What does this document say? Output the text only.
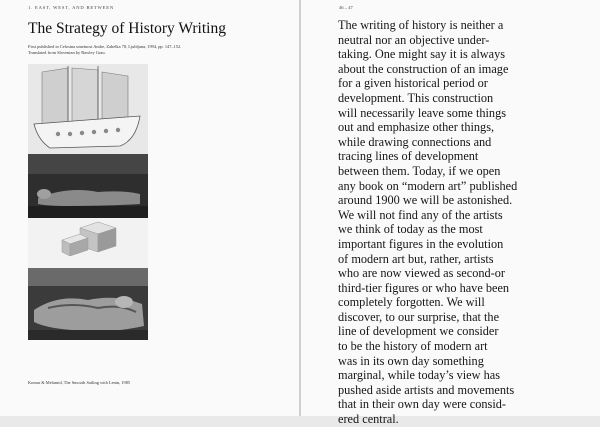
1. EAST, WEST, AND BETWEEN
The Strategy of History Writing
First published in Celostna umetnost Andre, Zabelka 78, Ljubljana, 1994, pp. 147–152.
Translated from Slovenian by Rawley Grau.
Komar & Melamid, The Smooth Sailing with Lenin, 1985
46 – 47
The writing of history is neither a
neutral nor an objective under-
taking. One might say it is always
about the construction of an image
for a given historical period or
development. This construction
will necessarily leave some things
out and emphasize other things,
while drawing connections and
tracing lines of development
between them. Today, if we open
any book on “modern art” published
around 1900 we will be astonished.
We will not find any of the artists
we think of today as the most
important figures in the evolution
of modern art but, rather, artists
who are now viewed as second-or
third-tier figures or who have been
completely forgotten. We will
discover, to our surprise, that the
line of development we consider
to be the history of modern art
was in its own day something
marginal, while today’s view has
pushed aside artists and movements
that in their own day were consid-
ered central.
